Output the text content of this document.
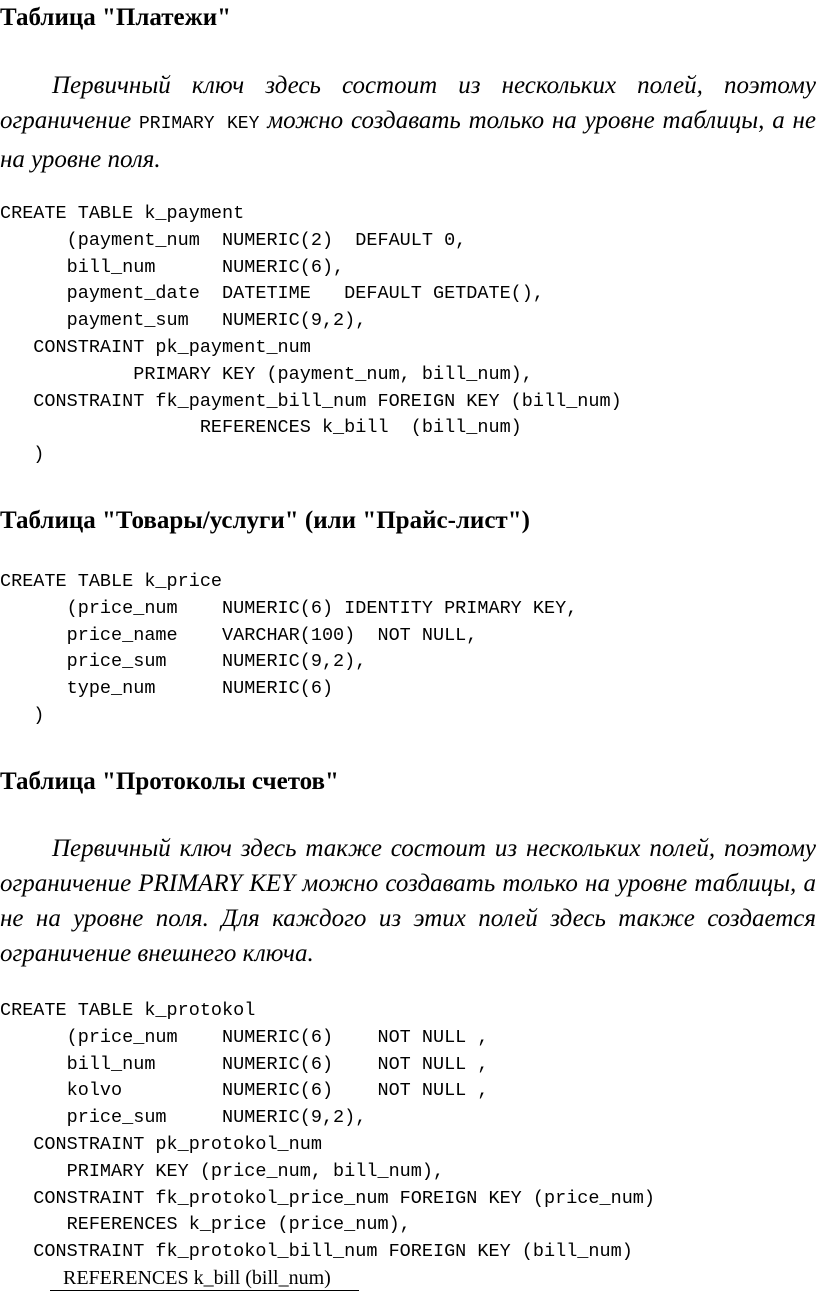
Таблица "Платежи"

Первичный ключ здесь состоит из нескольких полей, поэтому ограничение PRIMARY KEY можно создавать только на уровне таблицы, а не на уровне поля.

CREATE TABLE k_payment
(payment_num  NUMERIC(2)  DEFAULT 0,
bill_num      NUMERIC(6),
payment_date  DATETIME   DEFAULT GETDATE(),
payment_sum   NUMERIC(9,2),
CONSTRAINT pk_payment_num
PRIMARY KEY (payment_num, bill_num),
CONSTRAINT fk_payment_bill_num FOREIGN KEY (bill_num)
REFERENCES k_bill  (bill_num)
)
Таблица "Товары/услуги" (или "Прайс-лист")
CREATE TABLE k_price
(price_num    NUMERIC(6) IDENTITY PRIMARY KEY,
price_name    VARCHAR(100)  NOT NULL,
price_sum     NUMERIC(9,2),
type_num      NUMERIC(6)
)
Таблица "Протоколы счетов"

Первичный ключ здесь также состоит из нескольких полей, поэтому ограничение PRIMARY KEY можно создавать только на уровне таблицы, а не на уровне поля. Для каждого из этих полей здесь также создается ограничение внешнего ключа.

CREATE TABLE k_protokol
(price_num    NUMERIC(6)    NOT NULL ,
bill_num      NUMERIC(6)    NOT NULL ,
kolvo         NUMERIC(6)    NOT NULL ,
price_sum     NUMERIC(9,2),
CONSTRAINT pk_protokol_num
PRIMARY KEY (price_num, bill_num),
CONSTRAINT fk_protokol_price_num FOREIGN KEY (price_num)
REFERENCES k_price (price_num),
CONSTRAINT fk_protokol_bill_num FOREIGN KEY (bill_num)
REFERENCES k_bill (bill_num)
